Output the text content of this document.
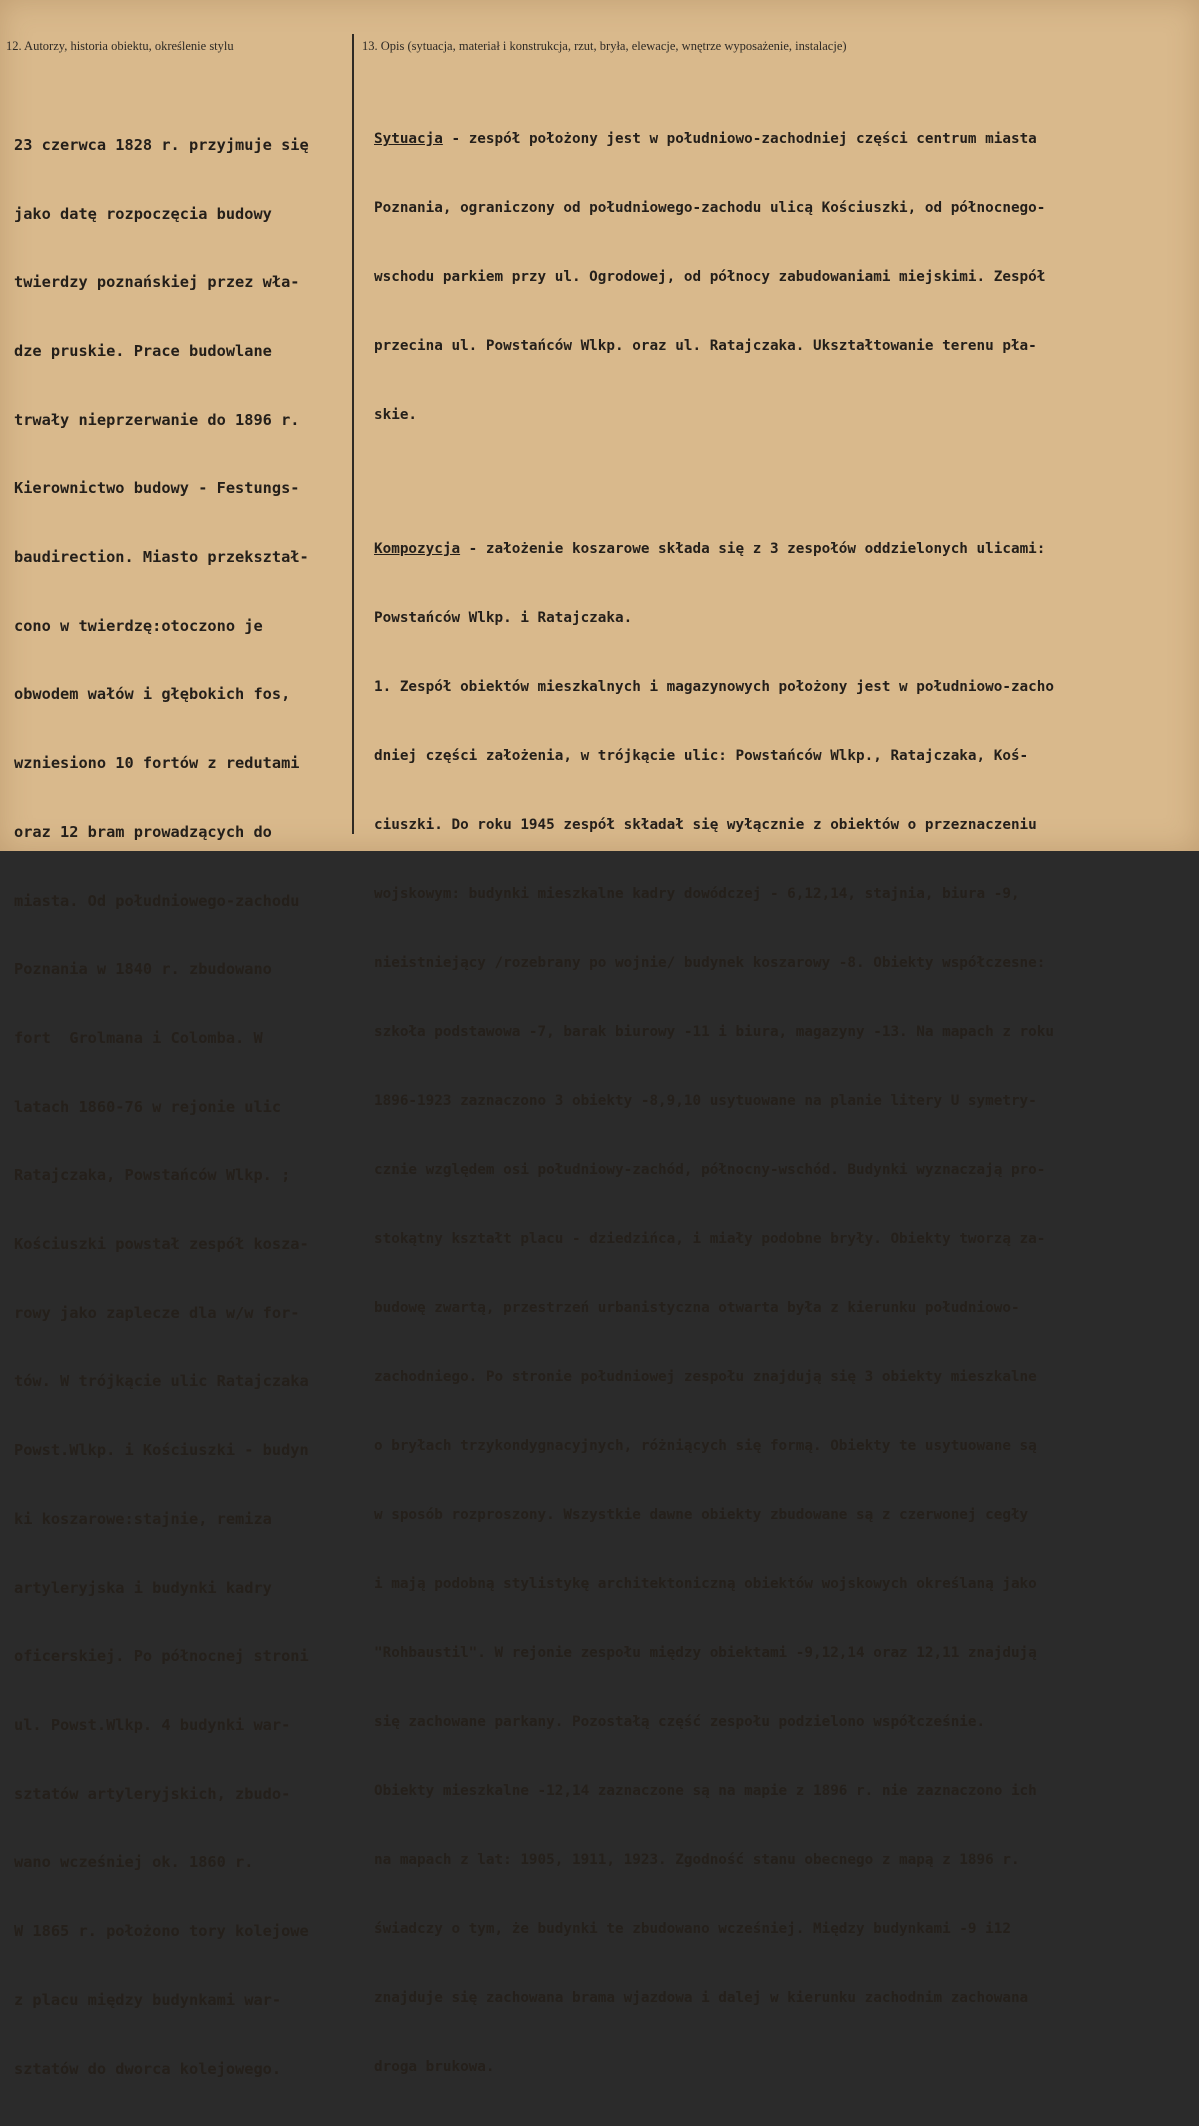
12. Autorzy, historia obiektu, określenie stylu	13. Opis (sytuacja, materiał i konstrukcja, rzut, bryła, elewacje, wnętrze wyposażenie, instalacje)

23 czerwca 1828 r. przyjmuje się

jako datę rozpoczęcia budowy

twierdzy poznańskiej przez wła-

dze pruskie. Prace budowlane

trwały nieprzerwanie do 1896 r.

Kierownictwo budowy - Festungs-

baudirection. Miasto przekształ-

cono w twierdzę:otoczono je

obwodem wałów i głębokich fos,

wzniesiono 10 fortów z redutami

oraz 12 bram prowadzących do

miasta. Od południowego-zachodu

Poznania w 1840 r. zbudowano

fort  Grolmana i Colomba. W

latach 1860-76 w rejonie ulic

Ratajczaka, Powstańców Wlkp. ;

Kościuszki powstał zespół kosza-

rowy jako zaplecze dla w/w for-

tów. W trójkącie ulic Ratajczaka

Powst.Wlkp. i Kościuszki - budyn

ki koszarowe:stajnie, remiza

artyleryjska i budynki kadry

oficerskiej. Po północnej stroni

ul. Powst.Wlkp. 4 budynki war-

sztatów artyleryjskich, zbudo-

wano wcześniej ok. 1860 r.

W 1865 r. położono tory kolejowe

z placu między budynkami war-

sztatów do dworca kolejowego.

Sytuacja - zespół położony jest w południowo-zachodniej części centrum miasta

Poznania, ograniczony od południowego-zachodu ulicą Kościuszki, od północnego-

wschodu parkiem przy ul. Ogrodowej, od północy zabudowaniami miejskimi. Zespół

przecina ul. Powstańców Wlkp. oraz ul. Ratajczaka. Ukształtowanie terenu pła-

skie.

Kompozycja - założenie koszarowe składa się z 3 zespołów oddzielonych ulicami:

Powstańców Wlkp. i Ratajczaka.

1. Zespół obiektów mieszkalnych i magazynowych położony jest w południowo-zacho

dniej części założenia, w trójkącie ulic: Powstańców Wlkp., Ratajczaka, Koś-

ciuszki. Do roku 1945 zespół składał się wyłącznie z obiektów o przeznaczeniu

wojskowym: budynki mieszkalne kadry dowódczej - 6,12,14, stajnia, biura -9,

nieistniejący /rozebrany po wojnie/ budynek koszarowy -8. Obiekty współczesne:

szkoła podstawowa -7, barak biurowy -11 i biura, magazyny -13. Na mapach z roku

1896-1923 zaznaczono 3 obiekty -8,9,10 usytuowane na planie litery U symetry-

cznie względem osi południowy-zachód, północny-wschód. Budynki wyznaczają pro-

stokątny kształt placu - dziedzińca, i miały podobne bryły. Obiekty tworzą za-

budowę zwartą, przestrzeń urbanistyczna otwarta była z kierunku południowo-

zachodniego. Po stronie południowej zespołu znajdują się 3 obiekty mieszkalne

o bryłach trzykondygnacyjnych, różniących się formą. Obiekty te usytuowane są

w sposób rozproszony. Wszystkie dawne obiekty zbudowane są z czerwonej cegły

i mają podobną stylistykę architektoniczną obiektów wojskowych określaną jako

"Rohbaustil". W rejonie zespołu między obiektami -9,12,14 oraz 12,11 znajdują

się zachowane parkany. Pozostałą część zespołu podzielono współcześnie.

Obiekty mieszkalne -12,14 zaznaczone są na mapie z 1896 r. nie zaznaczono ich

na mapach z lat: 1905, 1911, 1923. Zgodność stanu obecnego z mapą z 1896 r.

świadczy o tym, że budynki te zbudowano wcześniej. Między budynkami -9 i12

znajduje się zachowana brama wjazdowa i dalej w kierunku zachodnim zachowana

droga brukowa.
